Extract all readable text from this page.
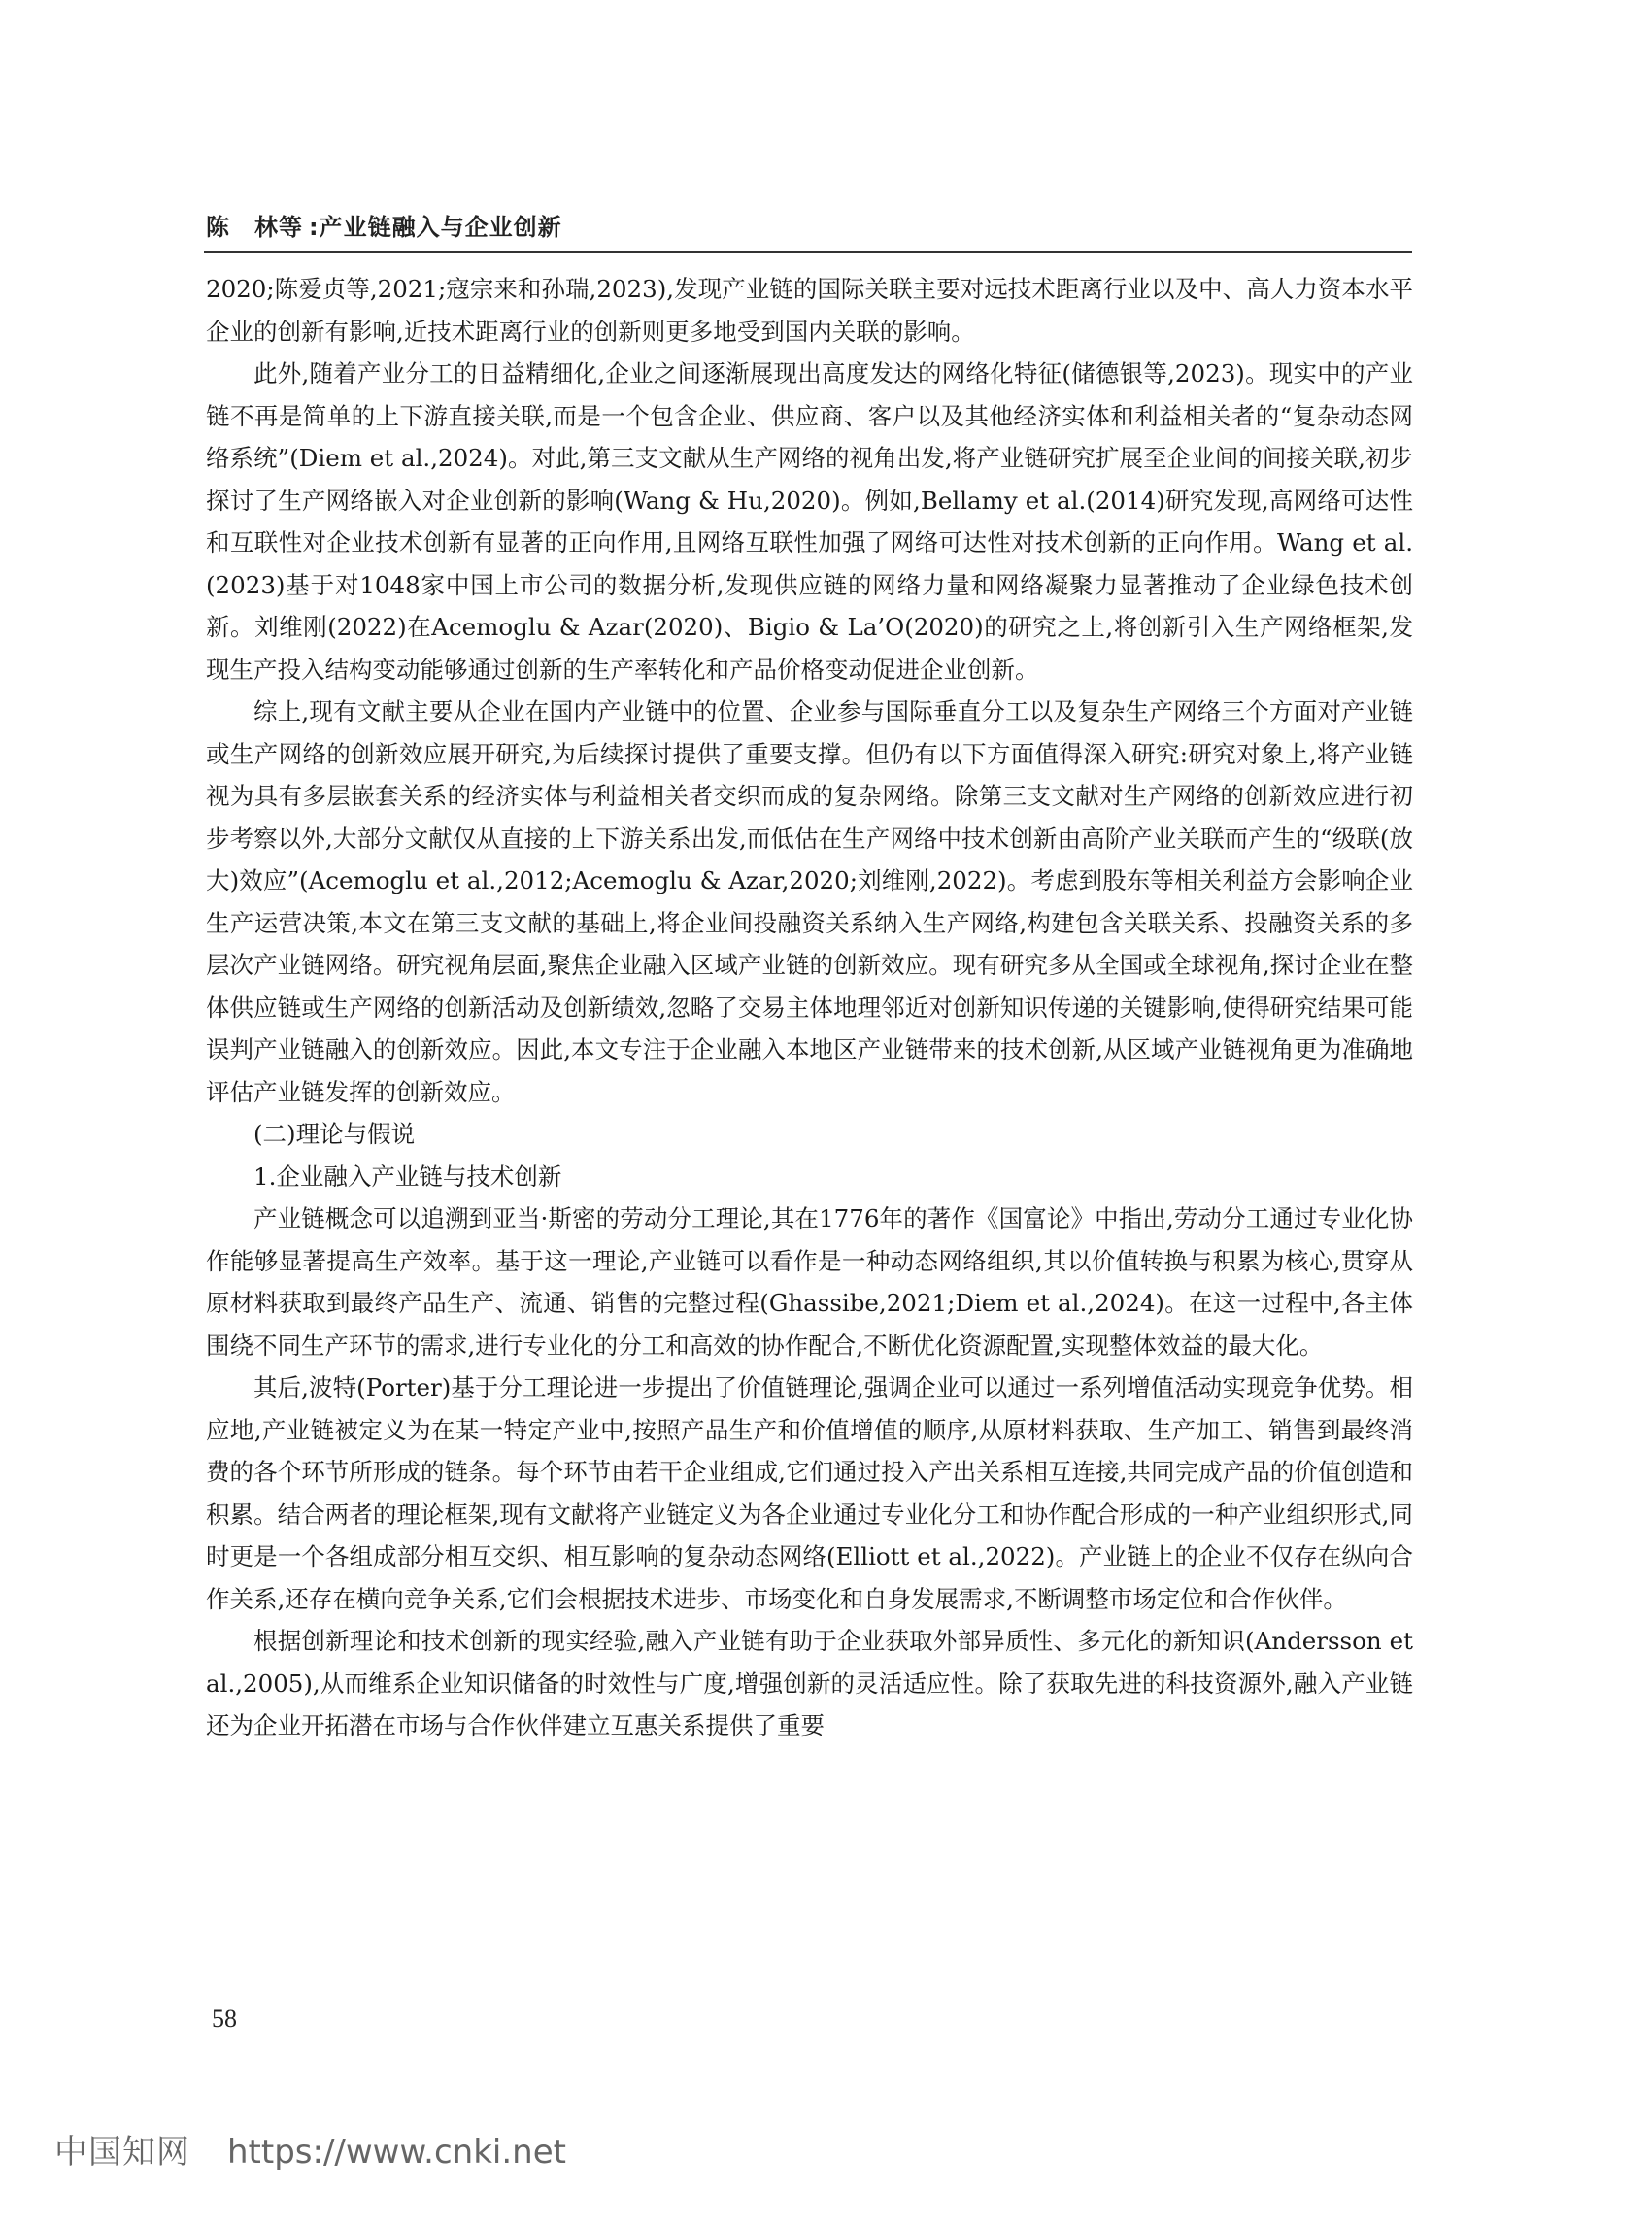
陈　林等 :产业链融入与企业创新

2020;陈爱贞等,2021;寇宗来和孙瑞,2023),发现产业链的国际关联主要对远技术距离行业以及中、高人力资本水平企业的创新有影响,近技术距离行业的创新则更多地受到国内关联的影响。

此外,随着产业分工的日益精细化,企业之间逐渐展现出高度发达的网络化特征(储德银等,2023)。现实中的产业链不再是简单的上下游直接关联,而是一个包含企业、供应商、客户以及其他经济实体和利益相关者的“复杂动态网络系统”(Diem et al.,2024)。对此,第三支文献从生产网络的视角出发,将产业链研究扩展至企业间的间接关联,初步探讨了生产网络嵌入对企业创新的影响(Wang & Hu,2020)。例如,Bellamy et al.(2014)研究发现,高网络可达性和互联性对企业技术创新有显著的正向作用,且网络互联性加强了网络可达性对技术创新的正向作用。Wang et al.(2023)基于对1048家中国上市公司的数据分析,发现供应链的网络力量和网络凝聚力显著推动了企业绿色技术创新。刘维刚(2022)在Acemoglu & Azar(2020)、Bigio & La’O(2020)的研究之上,将创新引入生产网络框架,发现生产投入结构变动能够通过创新的生产率转化和产品价格变动促进企业创新。

综上,现有文献主要从企业在国内产业链中的位置、企业参与国际垂直分工以及复杂生产网络三个方面对产业链或生产网络的创新效应展开研究,为后续探讨提供了重要支撑。但仍有以下方面值得深入研究:研究对象上,将产业链视为具有多层嵌套关系的经济实体与利益相关者交织而成的复杂网络。除第三支文献对生产网络的创新效应进行初步考察以外,大部分文献仅从直接的上下游关系出发,而低估在生产网络中技术创新由高阶产业关联而产生的“级联(放大)效应”(Acemoglu et al.,2012;Acemoglu & Azar,2020;刘维刚,2022)。考虑到股东等相关利益方会影响企业生产运营决策,本文在第三支文献的基础上,将企业间投融资关系纳入生产网络,构建包含关联关系、投融资关系的多层次产业链网络。研究视角层面,聚焦企业融入区域产业链的创新效应。现有研究多从全国或全球视角,探讨企业在整体供应链或生产网络的创新活动及创新绩效,忽略了交易主体地理邻近对创新知识传递的关键影响,使得研究结果可能误判产业链融入的创新效应。因此,本文专注于企业融入本地区产业链带来的技术创新,从区域产业链视角更为准确地评估产业链发挥的创新效应。

(二)理论与假说

1.企业融入产业链与技术创新

产业链概念可以追溯到亚当·斯密的劳动分工理论,其在1776年的著作《国富论》中指出,劳动分工通过专业化协作能够显著提高生产效率。基于这一理论,产业链可以看作是一种动态网络组织,其以价值转换与积累为核心,贯穿从原材料获取到最终产品生产、流通、销售的完整过程(Ghassibe,2021;Diem et al.,2024)。在这一过程中,各主体围绕不同生产环节的需求,进行专业化的分工和高效的协作配合,不断优化资源配置,实现整体效益的最大化。

其后,波特(Porter)基于分工理论进一步提出了价值链理论,强调企业可以通过一系列增值活动实现竞争优势。相应地,产业链被定义为在某一特定产业中,按照产品生产和价值增值的顺序,从原材料获取、生产加工、销售到最终消费的各个环节所形成的链条。每个环节由若干企业组成,它们通过投入产出关系相互连接,共同完成产品的价值创造和积累。结合两者的理论框架,现有文献将产业链定义为各企业通过专业化分工和协作配合形成的一种产业组织形式,同时更是一个各组成部分相互交织、相互影响的复杂动态网络(Elliott et al.,2022)。产业链上的企业不仅存在纵向合作关系,还存在横向竞争关系,它们会根据技术进步、市场变化和自身发展需求,不断调整市场定位和合作伙伴。

根据创新理论和技术创新的现实经验,融入产业链有助于企业获取外部异质性、多元化的新知识(Andersson et al.,2005),从而维系企业知识储备的时效性与广度,增强创新的灵活适应性。除了获取先进的科技资源外,融入产业链还为企业开拓潜在市场与合作伙伴建立互惠关系提供了重要

58
中国知网 https://www.cnki.net
